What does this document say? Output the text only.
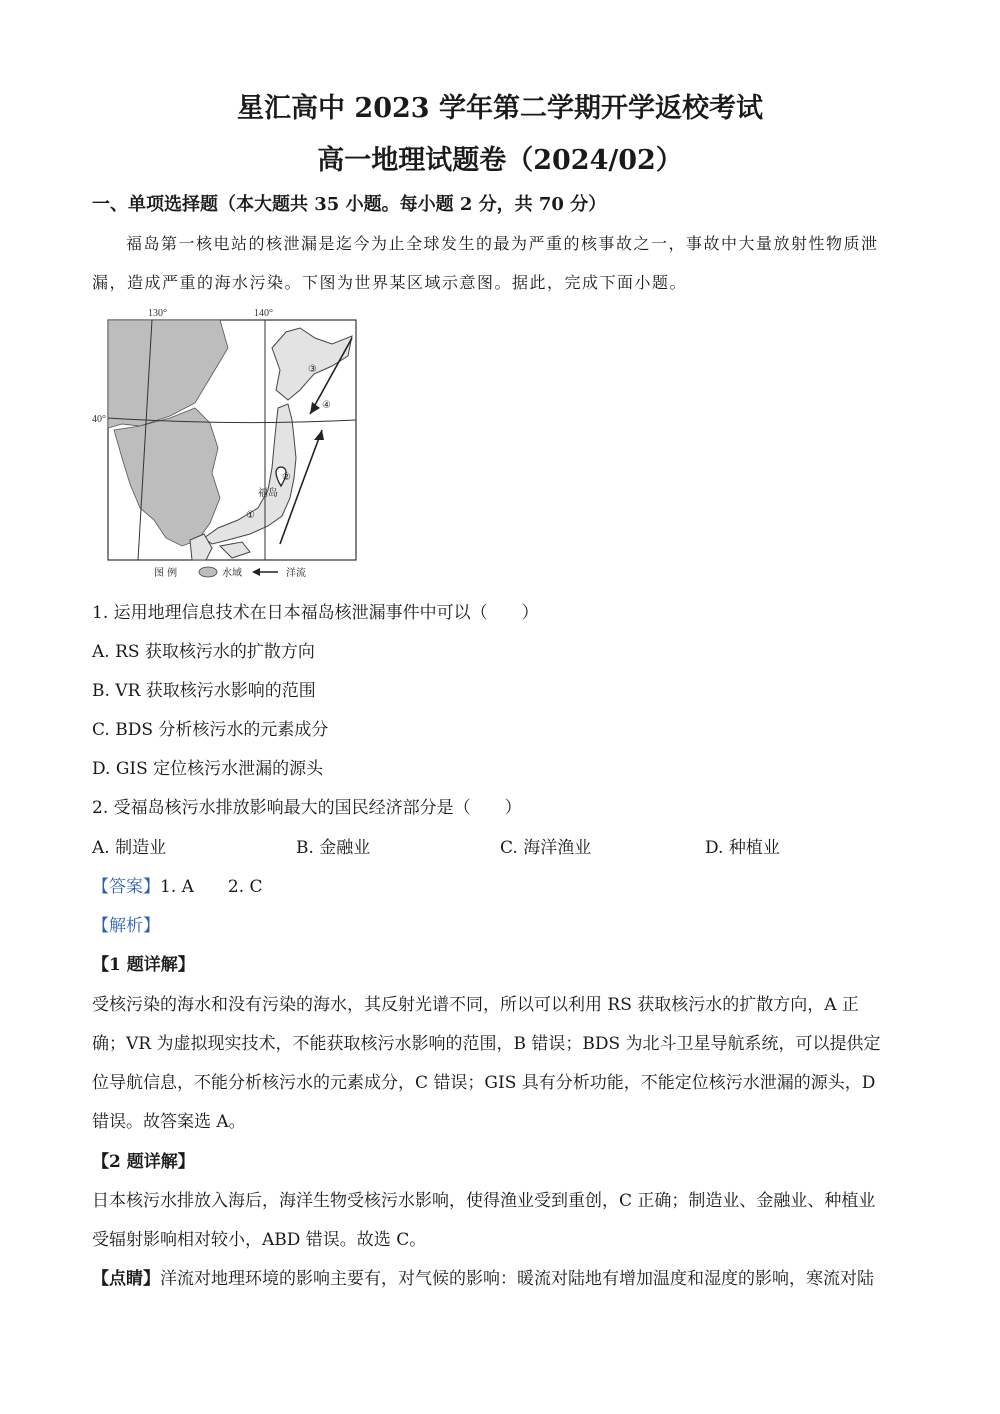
星汇高中 2023 学年第二学期开学返校考试
高一地理试题卷（2024/02）
一、单项选择题（本大题共 35 小题。每小题 2 分，共 70 分）
福岛第一核电站的核泄漏是迄今为止全球发生的最为严重的核事故之一，事故中大量放射性物质泄
漏，造成严重的海水污染。下图为世界某区域示意图。据此，完成下面小题。
130°	140°
40°
福岛
①
②
③
④
图 例	水域	洋流
1. 运用地理信息技术在日本福岛核泄漏事件中可以（　　）
A. RS 获取核污水的扩散方向
B. VR 获取核污水影响的范围
C. BDS 分析核污水的元素成分
D. GIS 定位核污水泄漏的源头
2. 受福岛核污水排放影响最大的国民经济部分是（　　）
A. 制造业	B. 金融业	C. 海洋渔业	D. 种植业
【答案】1. A 2. C
【解析】
【1 题详解】
受核污染的海水和没有污染的海水，其反射光谱不同，所以可以利用 RS 获取核污水的扩散方向，A 正
确；VR 为虚拟现实技术，不能获取核污水影响的范围，B 错误；BDS 为北斗卫星导航系统，可以提供定
位导航信息，不能分析核污水的元素成分，C 错误；GIS 具有分析功能，不能定位核污水泄漏的源头，D
错误。故答案选 A。
【2 题详解】
日本核污水排放入海后，海洋生物受核污水影响，使得渔业受到重创，C 正确；制造业、金融业、种植业
受辐射影响相对较小，ABD 错误。故选 C。
【点睛】洋流对地理环境的影响主要有，对气候的影响：暖流对陆地有增加温度和湿度的影响，寒流对陆
